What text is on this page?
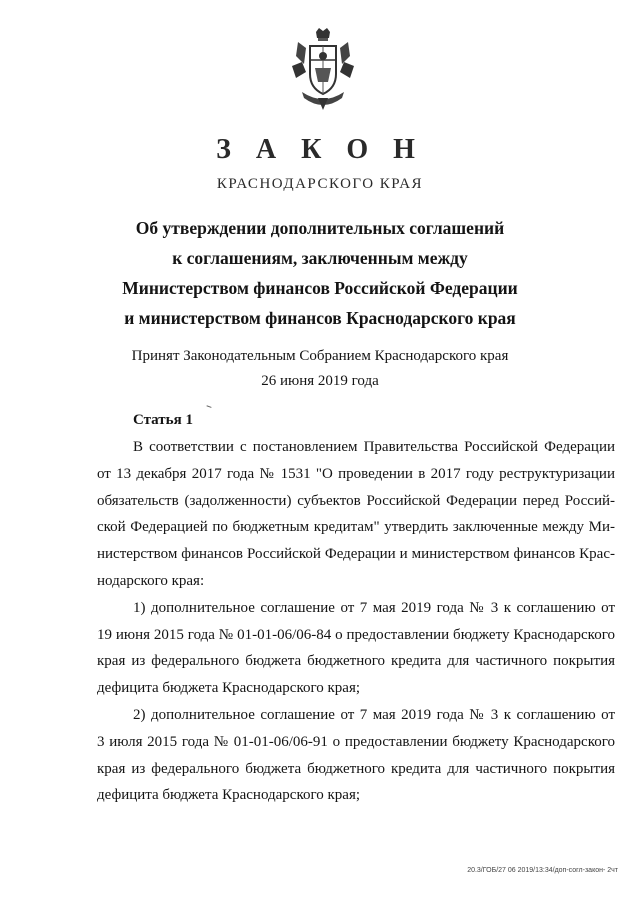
З А К О Н
КРАСНОДАРСКОГО КРАЯ
Об утверждении дополнительных соглашений
к соглашениям, заключенным между
Министерством финансов Российской Федерации
и министерством финансов Краснодарского края
Принят Законодательным Собранием Краснодарского края
26 июня 2019 года
Статья 1
В соответствии с постановлением Правительства Российской Федерации
от 13 декабря 2017 года № 1531 "О проведении в 2017 году реструктуризации
обязательств (задолженности) субъектов Российской Федерации перед Россий-
ской Федерацией по бюджетным кредитам" утвердить заключенные между Ми-
нистерством финансов Российской Федерации и министерством финансов Крас-
нодарского края:
1) дополнительное соглашение от 7 мая 2019 года № 3 к соглашению от
19 июня 2015 года № 01-01-06/06-84 о предоставлении бюджету Краснодарского
края из федерального бюджета бюджетного кредита для частичного покрытия
дефицита бюджета Краснодарского края;
2) дополнительное соглашение от 7 мая 2019 года № 3 к соглашению от
3 июля 2015 года № 01-01-06/06-91 о предоставлении бюджету Краснодарского
края из федерального бюджета бюджетного кредита для частичного покрытия
дефицита бюджета Краснодарского края;
20.3/ГОБ/27 06 2019/13:34/доп-согл-закон- 2чт
